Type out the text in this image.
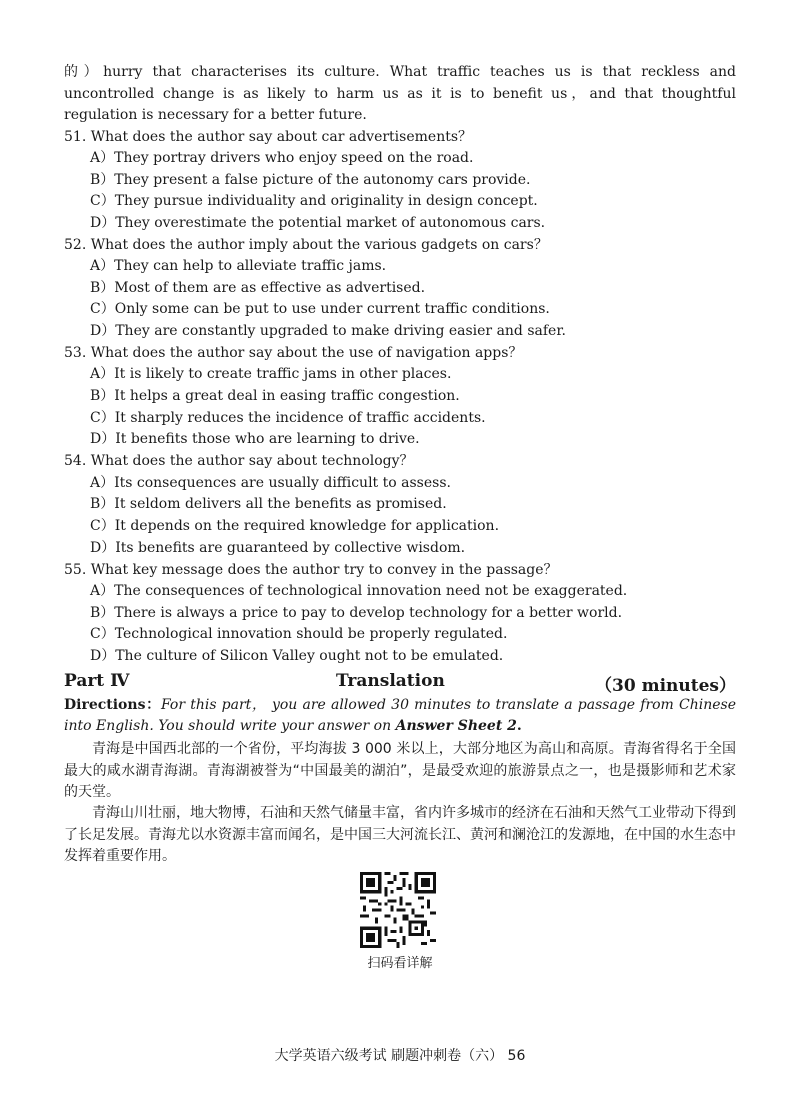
的）hurry that characterises its culture. What traffic teaches us is that reckless and uncontrolled change is as likely to harm us as it is to benefit us，and that thoughtful regulation is necessary for a better future.
51. What does the author say about car advertisements？
A）They portray drivers who enjoy speed on the road.
B）They present a false picture of the autonomy cars provide.
C）They pursue individuality and originality in design concept.
D）They overestimate the potential market of autonomous cars.
52. What does the author imply about the various gadgets on cars？
A）They can help to alleviate traffic jams.
B）Most of them are as effective as advertised.
C）Only some can be put to use under current traffic conditions.
D）They are constantly upgraded to make driving easier and safer.
53. What does the author say about the use of navigation apps？
A）It is likely to create traffic jams in other places.
B）It helps a great deal in easing traffic congestion.
C）It sharply reduces the incidence of traffic accidents.
D）It benefits those who are learning to drive.
54. What does the author say about technology？
A）Its consequences are usually difficult to assess.
B）It seldom delivers all the benefits as promised.
C）It depends on the required knowledge for application.
D）Its benefits are guaranteed by collective wisdom.
55. What key message does the author try to convey in the passage？
A）The consequences of technological innovation need not be exaggerated.
B）There is always a price to pay to develop technology for a better world.
C）Technological innovation should be properly regulated.
D）The culture of Silicon Valley ought not to be emulated.
Part Ⅳ	Translation	（30 minutes）
Directions：For this part， you are allowed 30 minutes to translate a passage from Chinese into English. You should write your answer on Answer Sheet 2.
青海是中国西北部的一个省份，平均海拔 3 000 米以上，大部分地区为高山和高原。青海省得名于全国最大的咸水湖青海湖。青海湖被誉为“中国最美的湖泊”，是最受欢迎的旅游景点之一，也是摄影师和艺术家的天堂。
青海山川壮丽，地大物博，石油和天然气储量丰富，省内许多城市的经济在石油和天然气工业带动下得到了长足发展。青海尤以水资源丰富而闻名，是中国三大河流长江、黄河和澜沧江的发源地，在中国的水生态中发挥着重要作用。
扫码看详解
大学英语六级考试 刷题冲刺卷（六） 56
